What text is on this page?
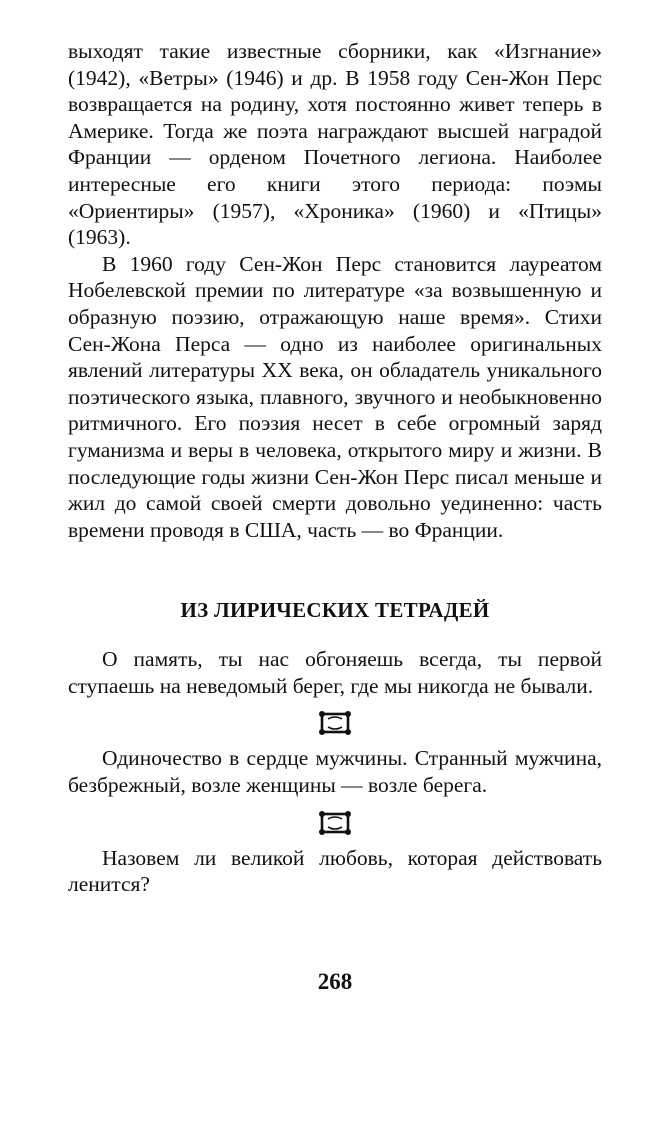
выходят такие известные сборники, как «Изгнание» (1942), «Ветры» (1946) и др. В 1958 году Сен-Жон Перс возвращается на родину, хотя постоянно живет теперь в Америке. Тогда же поэта награждают высшей наградой Франции — орденом Почетного легиона. Наиболее интересные его книги этого периода: поэмы «Ориентиры» (1957), «Хроника» (1960) и «Птицы» (1963).

В 1960 году Сен-Жон Перс становится лауреатом Нобелевской премии по литературе «за возвышенную и образную поэзию, отражающую наше время». Стихи Сен-Жона Перса — одно из наиболее оригинальных явлений литературы XX века, он обладатель уникального поэтического языка, плавного, звучного и необыкновенно ритмичного. Его поэзия несет в себе огромный заряд гуманизма и веры в человека, открытого миру и жизни. В последующие годы жизни Сен-Жон Перс писал меньше и жил до самой своей смерти довольно уединенно: часть времени проводя в США, часть — во Франции.

ИЗ ЛИРИЧЕСКИХ ТЕТРАДЕЙ

О память, ты нас обгоняешь всегда, ты первой ступаешь на неведомый берег, где мы никогда не бывали.

Одиночество в сердце мужчины. Странный мужчина, безбрежный, возле женщины — возле берега.

Назовем ли великой любовь, которая действовать ленится?

268
